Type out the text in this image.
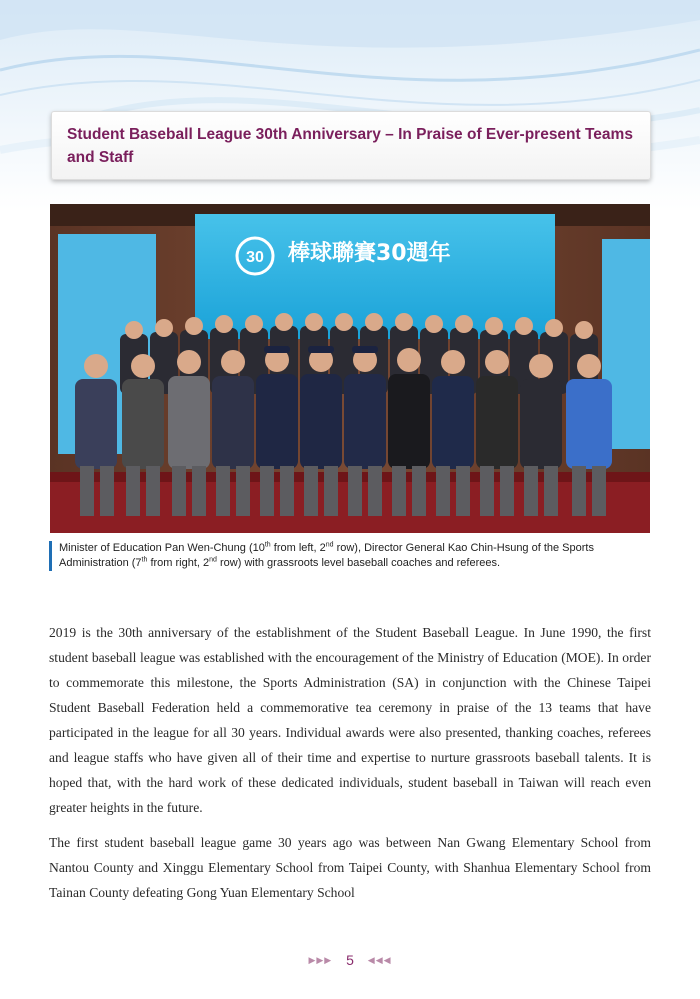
Student Baseball League 30th Anniversary – In Praise of Ever-present Teams and Staff
30 棒球聯賽30週年
Minister of Education Pan Wen-Chung (10th from left, 2nd row), Director General Kao Chin-Hsung of the Sports Administration (7th from right, 2nd row) with grassroots level baseball coaches and referees.

2019 is the 30th anniversary of the establishment of the Student Baseball League. In June 1990, the first student baseball league was established with the encouragement of the Ministry of Education (MOE). In order to commemorate this milestone, the Sports Administration (SA) in conjunction with the Chinese Taipei Student Baseball Federation held a commemorative tea ceremony in praise of the 13 teams that have participated in the league for all 30 years. Individual awards were also presented, thanking coaches, referees and league staffs who have given all of their time and expertise to nurture grassroots baseball talents. It is hoped that, with the hard work of these dedicated individuals, student baseball in Taiwan will reach even greater heights in the future.

The first student baseball league game 30 years ago was between Nan Gwang Elementary School from Nantou County and Xinggu Elementary School from Taipei County, with Shanhua Elementary School from Tainan County defeating Gong Yuan Elementary School

▶▶▶ 5 ◀◀◀
